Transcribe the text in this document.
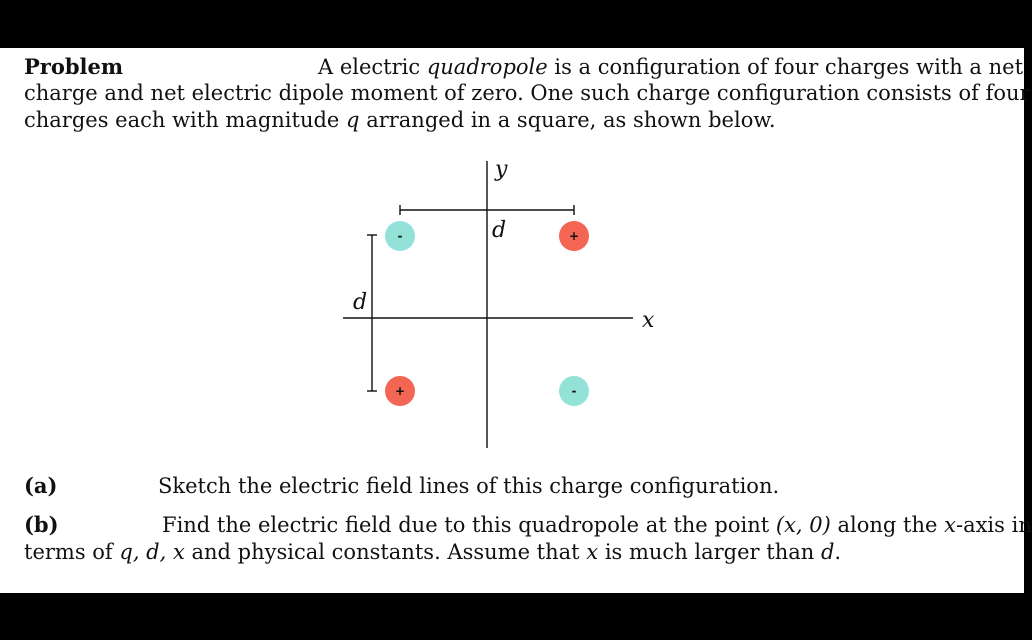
Problem	A electric quadropole is a configuration of four charges with a net
charge and net electric dipole moment of zero. One such charge configuration consists of four
charges each with magnitude q arranged in a square, as shown below.
y
x
d
d
-	+
+	-
(a)	Sketch the electric field lines of this charge configuration.
(b)	Find the electric field due to this quadropole at the point (x, 0) along the x-axis in
terms of q, d, x and physical constants. Assume that x is much larger than d.
